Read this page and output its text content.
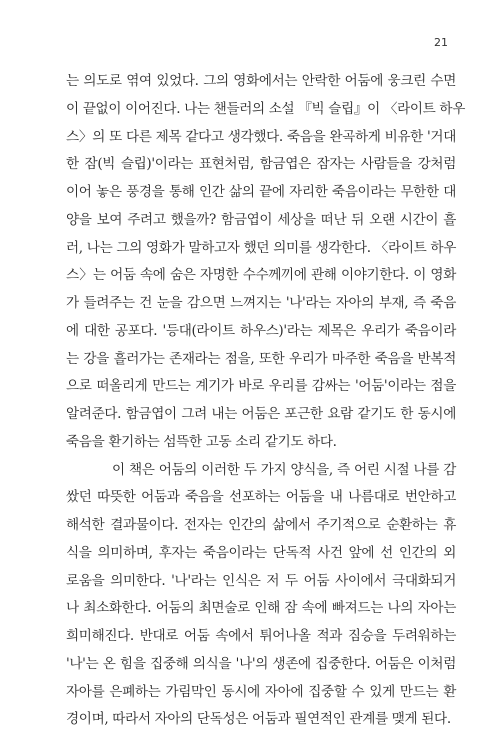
21
는 의도로 엮여 있었다. 그의 영화에서는 안락한 어둠에 웅크린 수면
이 끝없이 이어진다. 나는 챈들러의 소설 『빅 슬립』이 〈라이트 하우
스〉의 또 다른 제목 같다고 생각했다. 죽음을 완곡하게 비유한 '거대
한 잠(빅 슬립)'이라는 표현처럼, 함금엽은 잠자는 사람들을 강처럼
이어 놓은 풍경을 통해 인간 삶의 끝에 자리한 죽음이라는 무한한 대
양을 보여 주려고 했을까? 함금엽이 세상을 떠난 뒤 오랜 시간이 흘
러, 나는 그의 영화가 말하고자 했던 의미를 생각한다. 〈라이트 하우
스〉는 어둠 속에 숨은 자명한 수수께끼에 관해 이야기한다. 이 영화
가 들려주는 건 눈을 감으면 느껴지는 '나'라는 자아의 부재, 즉 죽음
에 대한 공포다. '등대(라이트 하우스)'라는 제목은 우리가 죽음이라
는 강을 흘러가는 존재라는 점을, 또한 우리가 마주한 죽음을 반복적
으로 떠올리게 만드는 계기가 바로 우리를 감싸는 '어둠'이라는 점을
알려준다. 함금엽이 그려 내는 어둠은 포근한 요람 같기도 한 동시에
죽음을 환기하는 섬뜩한 고동 소리 같기도 하다.
이 책은 어둠의 이러한 두 가지 양식을, 즉 어린 시절 나를 감
쌌던 따뜻한 어둠과 죽음을 선포하는 어둠을 내 나름대로 번안하고
해석한 결과물이다. 전자는 인간의 삶에서 주기적으로 순환하는 휴
식을 의미하며, 후자는 죽음이라는 단독적 사건 앞에 선 인간의 외
로움을 의미한다. '나'라는 인식은 저 두 어둠 사이에서 극대화되거
나 최소화한다. 어둠의 최면술로 인해 잠 속에 빠져드는 나의 자아는
희미해진다. 반대로 어둠 속에서 튀어나올 적과 짐승을 두려워하는
'나'는 온 힘을 집중해 의식을 '나'의 생존에 집중한다. 어둠은 이처럼
자아를 은폐하는 가림막인 동시에 자아에 집중할 수 있게 만드는 환
경이며, 따라서 자아의 단독성은 어둠과 필연적인 관계를 맺게 된다.
